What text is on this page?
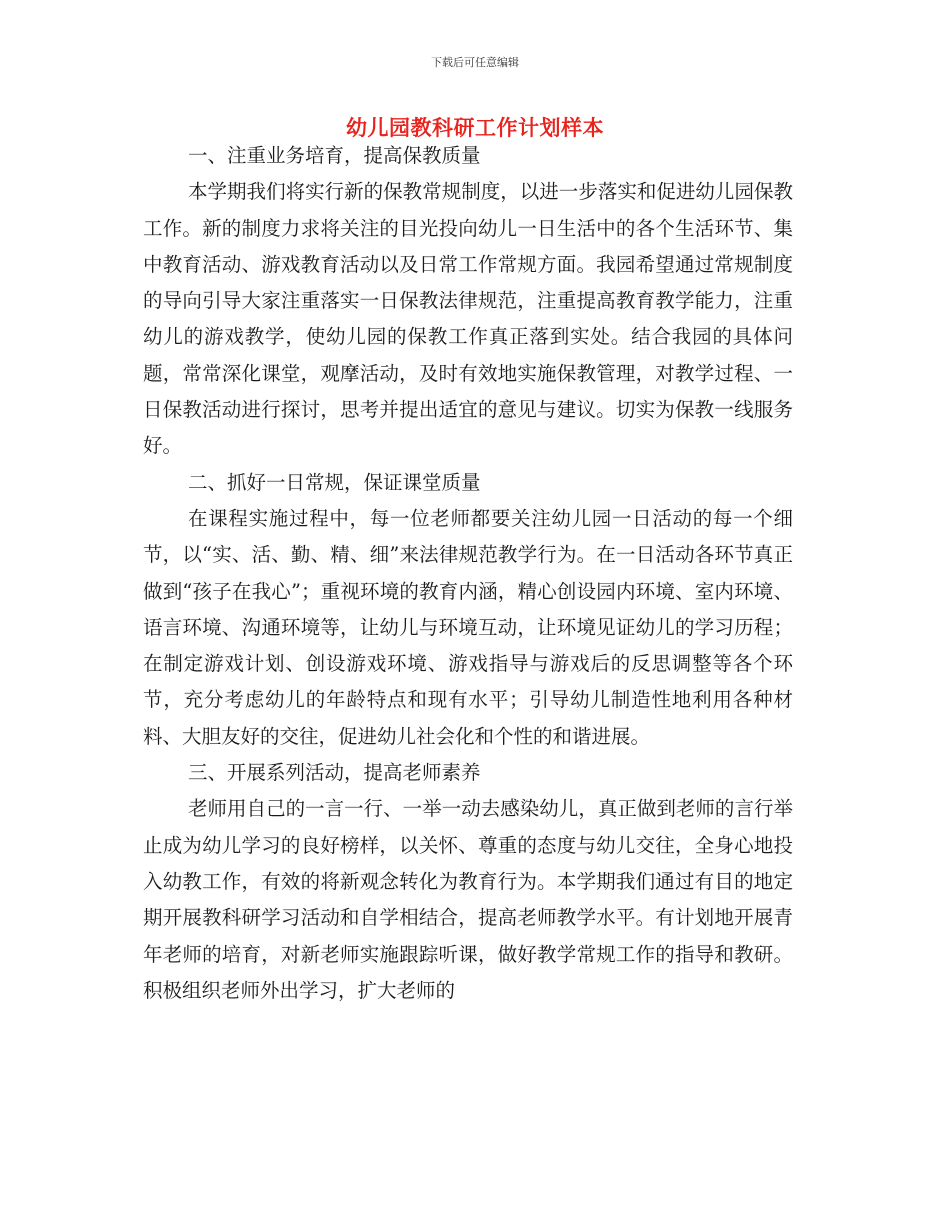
下载后可任意编辑
幼儿园教科研工作计划样本

一、注重业务培育，提高保教质量

本学期我们将实行新的保教常规制度，以进一步落实和促进幼儿园保教工作。新的制度力求将关注的目光投向幼儿一日生活中的各个生活环节、集中教育活动、游戏教育活动以及日常工作常规方面。我园希望通过常规制度的导向引导大家注重落实一日保教法律规范，注重提高教育教学能力，注重幼儿的游戏教学，使幼儿园的保教工作真正落到实处。结合我园的具体问题，常常深化课堂，观摩活动，及时有效地实施保教管理，对教学过程、一日保教活动进行探讨，思考并提出适宜的意见与建议。切实为保教一线服务好。

二、抓好一日常规，保证课堂质量

在课程实施过程中，每一位老师都要关注幼儿园一日活动的每一个细节，以“实、活、勤、精、细”来法律规范教学行为。在一日活动各环节真正做到“孩子在我心”；重视环境的教育内涵，精心创设园内环境、室内环境、语言环境、沟通环境等，让幼儿与环境互动，让环境见证幼儿的学习历程；在制定游戏计划、创设游戏环境、游戏指导与游戏后的反思调整等各个环节，充分考虑幼儿的年龄特点和现有水平；引导幼儿制造性地利用各种材料、大胆友好的交往，促进幼儿社会化和个性的和谐进展。

三、开展系列活动，提高老师素养

老师用自己的一言一行、一举一动去感染幼儿，真正做到老师的言行举止成为幼儿学习的良好榜样，以关怀、尊重的态度与幼儿交往，全身心地投入幼教工作，有效的将新观念转化为教育行为。本学期我们通过有目的地定期开展教科研学习活动和自学相结合，提高老师教学水平。有计划地开展青年老师的培育，对新老师实施跟踪听课，做好教学常规工作的指导和教研。积极组织老师外出学习，扩大老师的
